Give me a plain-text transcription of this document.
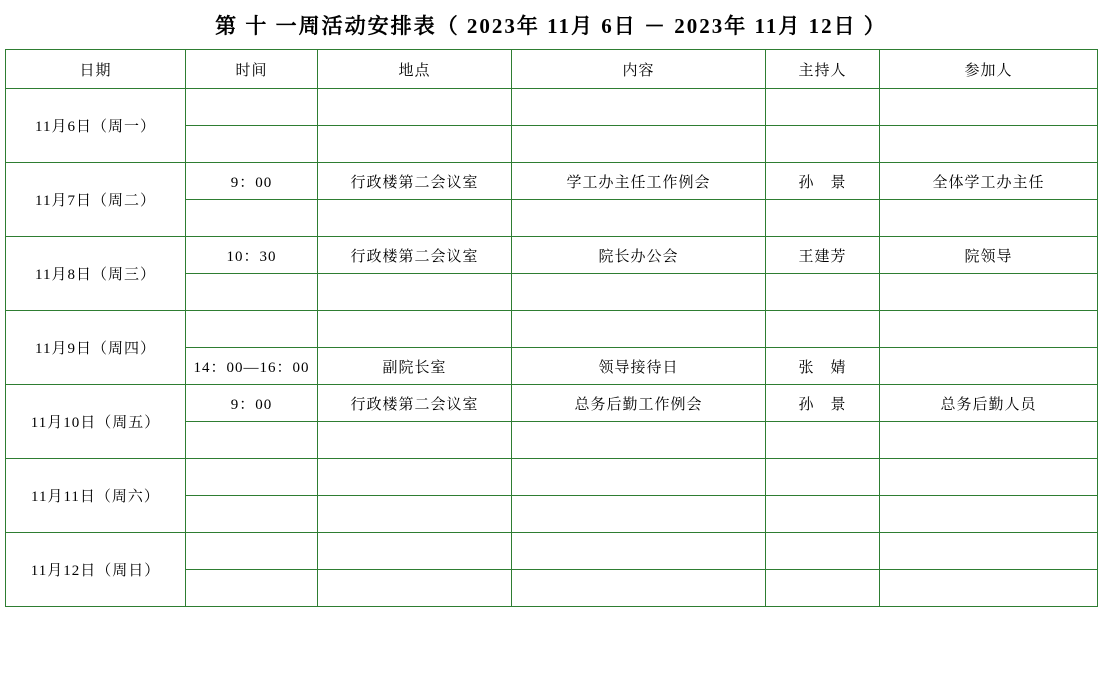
第 十 一周活动安排表（ 2023年 11月 6日 － 2023年 11月 12日 ）
日期	时间	地点	内容	主持人	参加人
11月6日（周一）					

11月7日（周二）	9：00	行政楼第二会议室	学工办主任工作例会	孙　景	全体学工办主任

11月8日（周三）	10：30	行政楼第二会议室	院长办公会	王建芳	院领导

11月9日（周四）					
	14：00—16：00	副院长室	领导接待日	张　婧	
11月10日（周五）	9：00	行政楼第二会议室	总务后勤工作例会	孙　景	总务后勤人员

11月11日（周六）					

11月12日（周日）					
